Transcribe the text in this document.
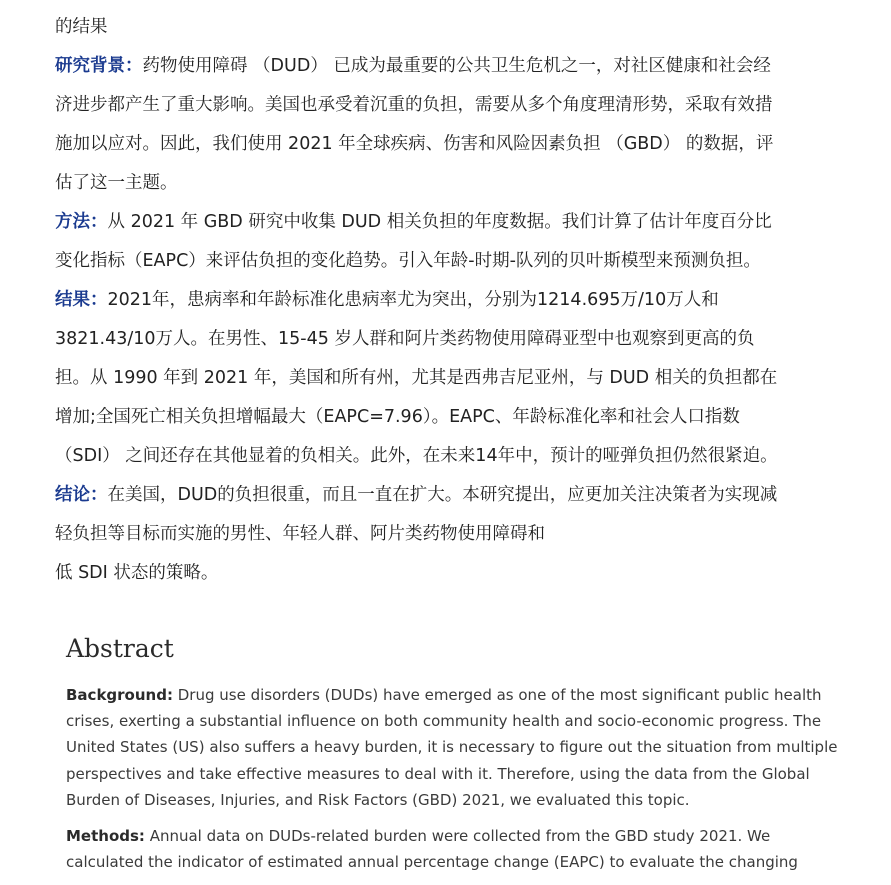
的结果
研究背景：药物使用障碍 （DUD） 已成为最重要的公共卫生危机之一，对社区健康和社会经
济进步都产生了重大影响。美国也承受着沉重的负担，需要从多个角度理清形势，采取有效措
施加以应对。因此，我们使用 2021 年全球疾病、伤害和风险因素负担 （GBD） 的数据，评
估了这一主题。
方法：从 2021 年 GBD 研究中收集 DUD 相关负担的年度数据。我们计算了估计年度百分比
变化指标（EAPC）来评估负担的变化趋势。引入年龄-时期-队列的贝叶斯模型来预测负担。
结果：2021年，患病率和年龄标准化患病率尤为突出，分别为1214.695万/10万人和
3821.43/10万人。在男性、15-45 岁人群和阿片类药物使用障碍亚型中也观察到更高的负
担。从 1990 年到 2021 年，美国和所有州，尤其是西弗吉尼亚州，与 DUD 相关的负担都在
增加;全国死亡相关负担增幅最大（EAPC=7.96）。EAPC、年龄标准化率和社会人口指数
（SDI） 之间还存在其他显着的负相关。此外，在未来14年中，预计的哑弹负担仍然很紧迫。
结论：在美国，DUD的负担很重，而且一直在扩大。本研究提出，应更加关注决策者为实现减
轻负担等目标而实施的男性、年轻人群、阿片类药物使用障碍和
低 SDI 状态的策略。
Abstract

Background: Drug use disorders (DUDs) have emerged as one of the most significant public health
crises, exerting a substantial influence on both community health and socio-economic progress. The
United States (US) also suffers a heavy burden, it is necessary to figure out the situation from multiple
perspectives and take effective measures to deal with it. Therefore, using the data from the Global
Burden of Diseases, Injuries, and Risk Factors (GBD) 2021, we evaluated this topic.

Methods: Annual data on DUDs-related burden were collected from the GBD study 2021. We
calculated the indicator of estimated annual percentage change (EAPC) to evaluate the changing
